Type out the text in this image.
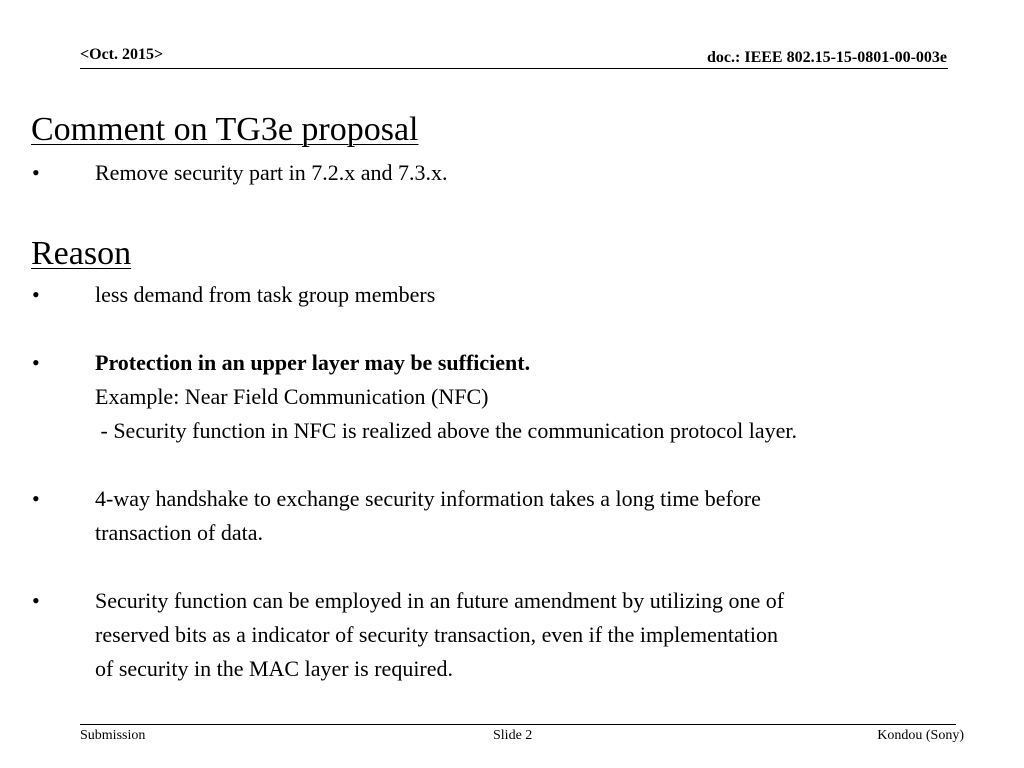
<Oct. 2015>	doc.: IEEE 802.15-15-0801-00-003e
Comment on TG3e proposal
•	Remove security part in 7.2.x and 7.3.x.
Reason
•	less demand from task group members
•	Protection in an upper layer may be sufficient.
Example: Near Field Communication (NFC)
- Security function in NFC is realized above the communication protocol layer.
•	4-way handshake to exchange security information takes a long time before
transaction of data.
•	Security function can be employed in an future amendment by utilizing one of
reserved bits as a indicator of security transaction, even if the implementation
of security in the MAC layer is required.
Submission	Slide 2	Kondou (Sony)
